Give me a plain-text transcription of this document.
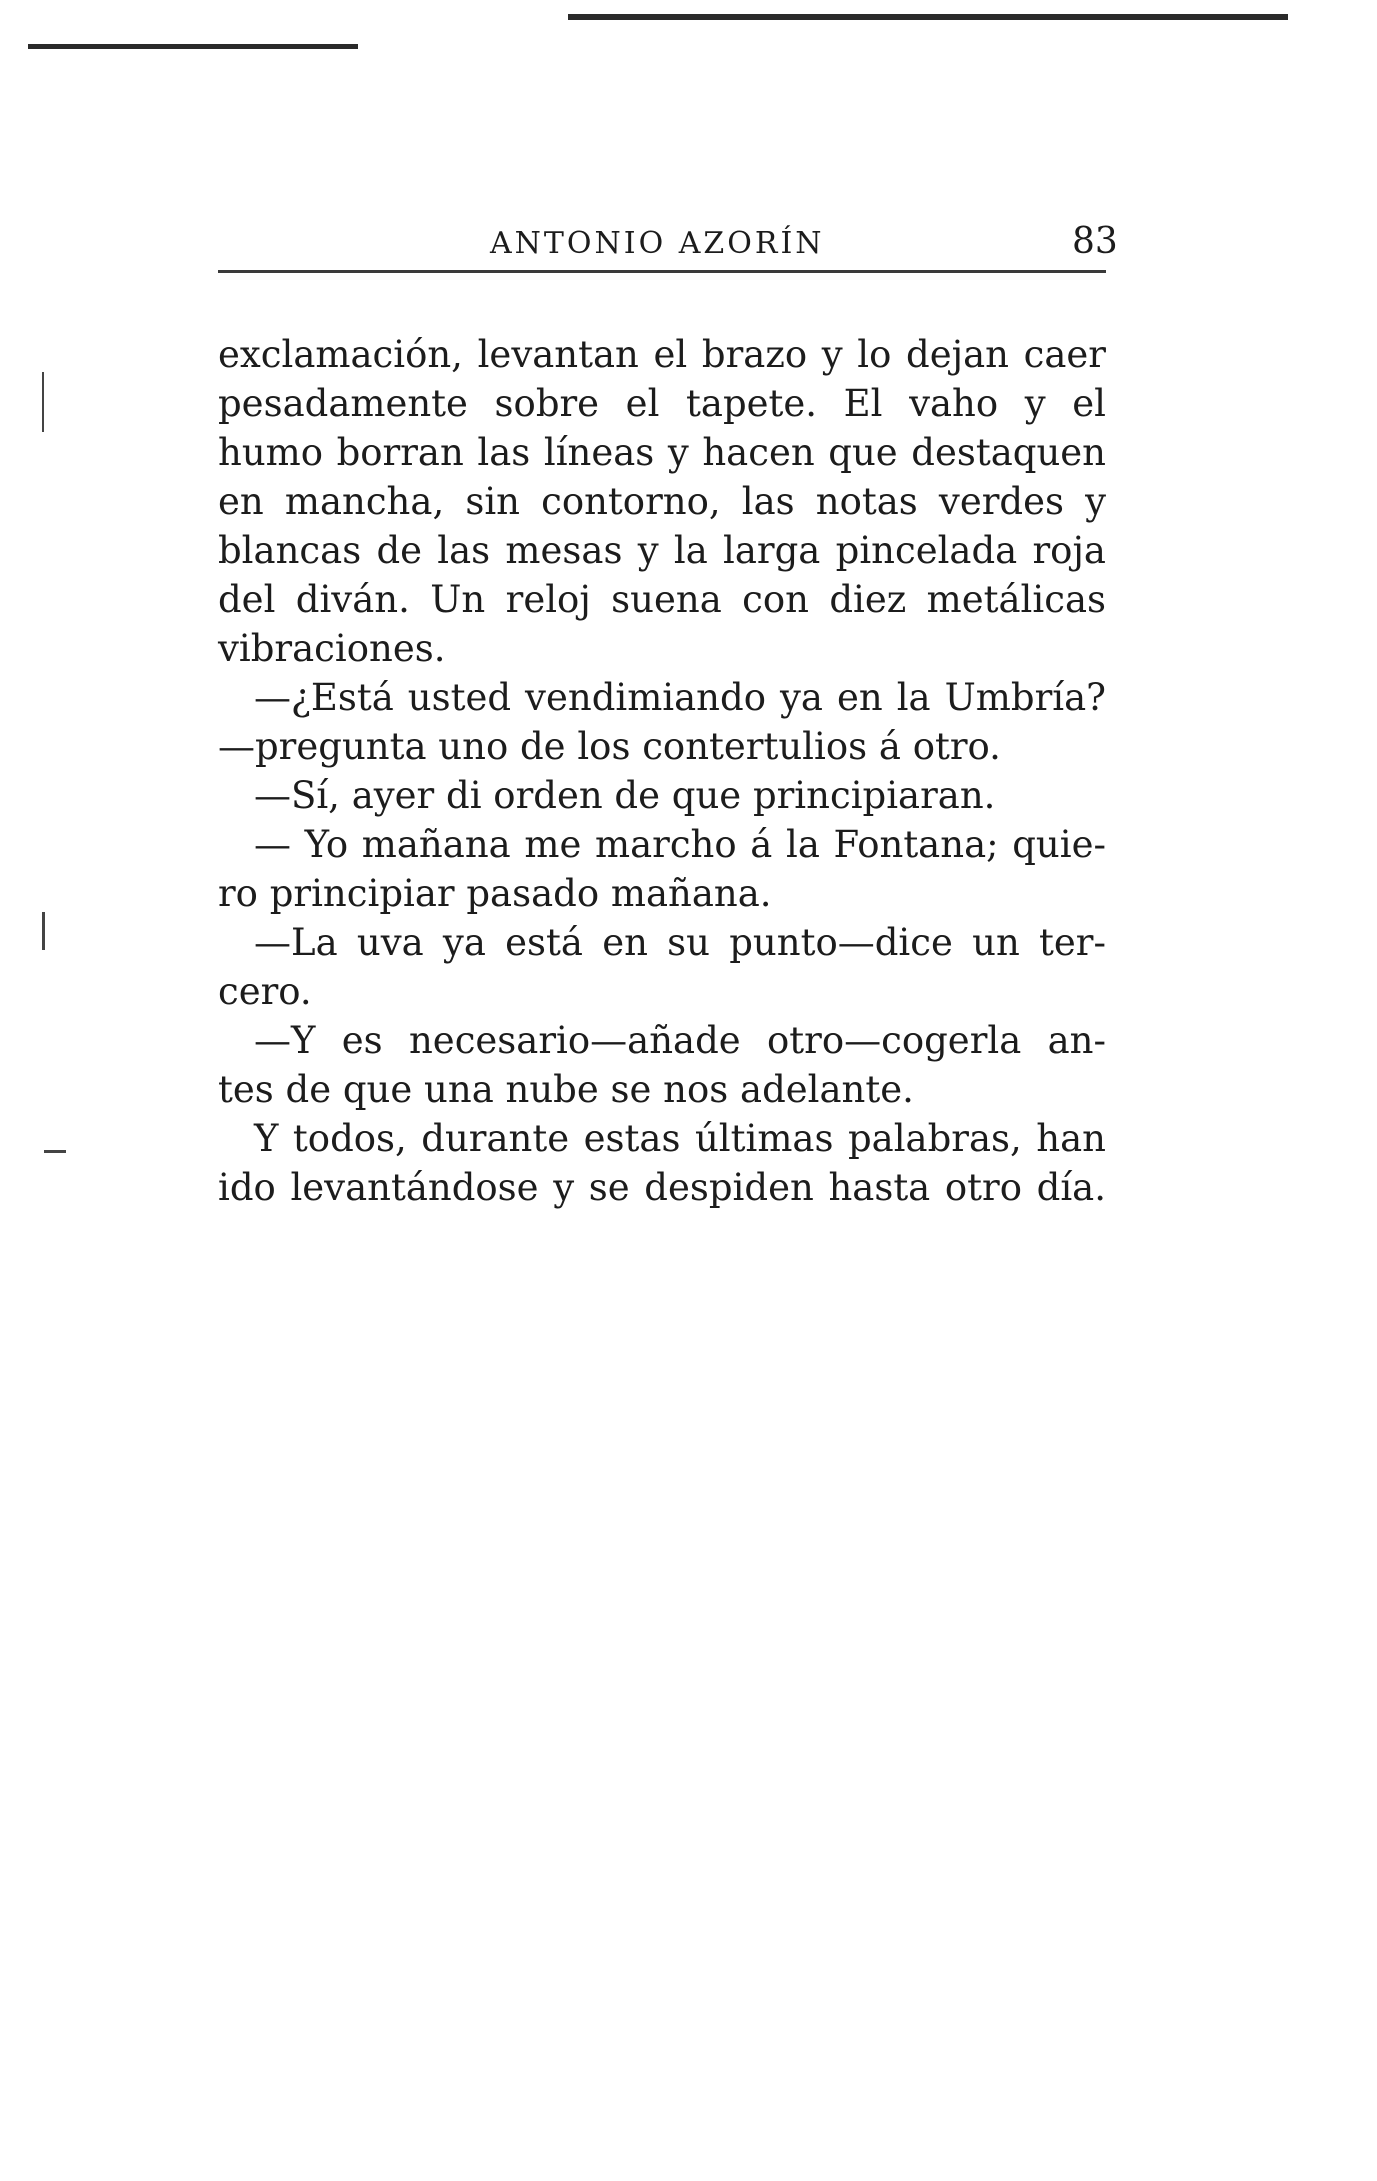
ANTONIO AZORÍN	83
exclamación, levantan el brazo y lo dejan caer
pesadamente sobre el tapete. El vaho y el
humo borran las líneas y hacen que destaquen
en mancha, sin contorno, las notas verdes y
blancas de las mesas y la larga pincelada roja
del diván. Un reloj suena con diez metálicas
vibraciones.
—¿Está usted vendimiando ya en la Umbría?
—pregunta uno de los contertulios á otro.
—Sí, ayer di orden de que principiaran.
— Yo mañana me marcho á la Fontana; quie-
ro principiar pasado mañana.
—La uva ya está en su punto—dice un ter-
cero.
—Y es necesario—añade otro—cogerla an-
tes de que una nube se nos adelante.
Y todos, durante estas últimas palabras, han
ido levantándose y se despiden hasta otro día.
